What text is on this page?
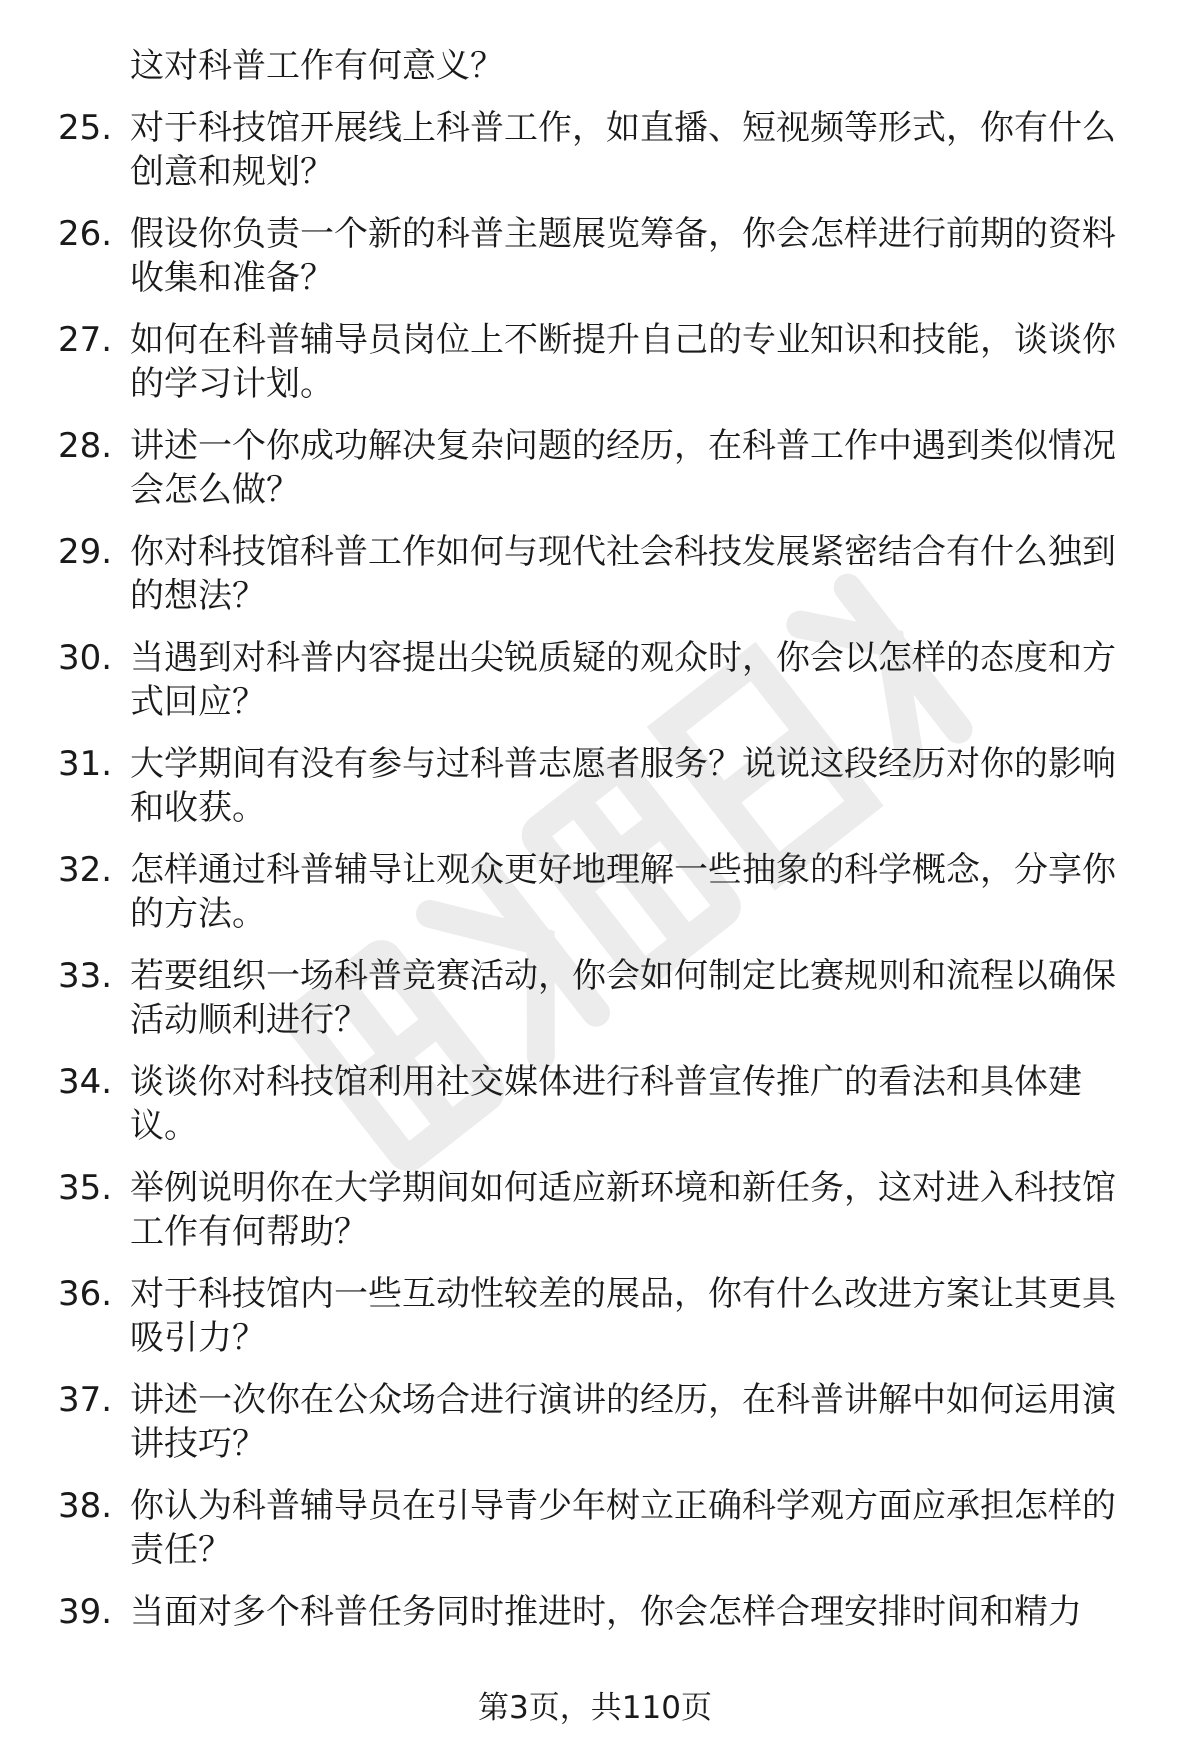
这对科普工作有何意义？
25. 对于科技馆开展线上科普工作，如直播、短视频等形式，你有什么创意和规划？
26. 假设你负责一个新的科普主题展览筹备，你会怎样进行前期的资料收集和准备？
27. 如何在科普辅导员岗位上不断提升自己的专业知识和技能，谈谈你的学习计划。
28. 讲述一个你成功解决复杂问题的经历，在科普工作中遇到类似情况会怎么做？
29. 你对科技馆科普工作如何与现代社会科技发展紧密结合有什么独到的想法？
30. 当遇到对科普内容提出尖锐质疑的观众时，你会以怎样的态度和方式回应？
31. 大学期间有没有参与过科普志愿者服务？说说这段经历对你的影响和收获。
32. 怎样通过科普辅导让观众更好地理解一些抽象的科学概念，分享你的方法。
33. 若要组织一场科普竞赛活动，你会如何制定比赛规则和流程以确保活动顺利进行？
34. 谈谈你对科技馆利用社交媒体进行科普宣传推广的看法和具体建议。
35. 举例说明你在大学期间如何适应新环境和新任务，这对进入科技馆工作有何帮助？
36. 对于科技馆内一些互动性较差的展品，你有什么改进方案让其更具吸引力？
37. 讲述一次你在公众场合进行演讲的经历，在科普讲解中如何运用演讲技巧？
38. 你认为科普辅导员在引导青少年树立正确科学观方面应承担怎样的责任？
39. 当面对多个科普任务同时推进时，你会怎样合理安排时间和精力
第3页，共110页
